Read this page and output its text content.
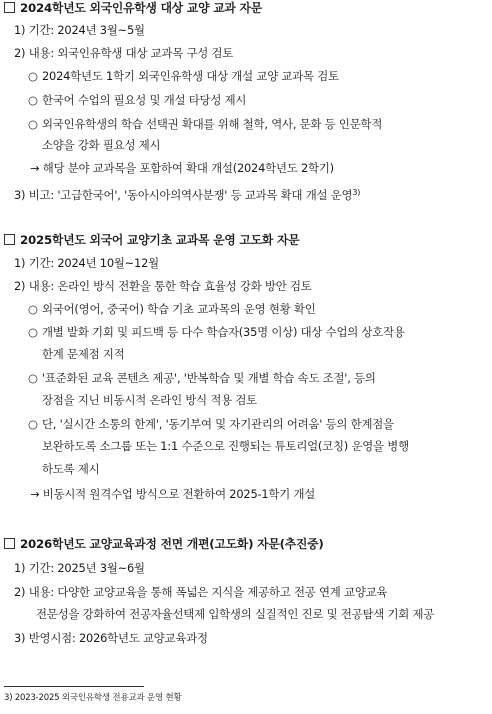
2024학년도 외국인유학생 대상 교양 교과 자문
1) 기간: 2024년 3월~5월
2) 내용: 외국인유학생 대상 교과목 구성 검토
○ 2024학년도 1학기 외국인유학생 대상 개설 교양 교과목 검토
○ 한국어 수업의 필요성 및 개설 타당성 제시
○ 외국인유학생의 학습 선택권 확대를 위해 철학, 역사, 문화 등 인문학적
소양을 강화 필요성 제시
→ 해당 분야 교과목을 포함하여 확대 개설(2024학년도 2학기)
3) 비고: '고급한국어', '동아시아의역사분쟁' 등 교과목 확대 개설 운영$^{3)}$
2025학년도 외국어 교양기초 교과목 운영 고도화 자문
1) 기간: 2024년 10월~12월
2) 내용: 온라인 방식 전환을 통한 학습 효율성 강화 방안 검토
○ 외국어(영어, 중국어) 학습 기초 교과목의 운영 현황 확인
○ 개별 발화 기회 및 피드백 등 다수 학습자(35명 이상) 대상 수업의 상호작용
한계 문제점 지적
○ '표준화된 교육 콘텐츠 제공', '반복학습 및 개별 학습 속도 조절', 등의
장점을 지닌 비동시적 온라인 방식 적용 검토
○ 단, '실시간 소통의 한계', '동기부여 및 자기관리의 어려움' 등의 한계점을
보완하도록 소그룹 또는 1:1 수준으로 진행되는 튜토리얼(코칭) 운영을 병행
하도록 제시
→ 비동시적 원격수업 방식으로 전환하여 2025-1학기 개설
2026학년도 교양교육과정 전면 개편(고도화) 자문(추진중)
1) 기간: 2025년 3월~6월
2) 내용: 다양한 교양교육을 통해 폭넓은 지식을 제공하고 전공 연계 교양교육
전문성을 강화하여 전공자율선택제 입학생의 실질적인 진로 및 전공탐색 기회 제공
3) 반영시점: 2026학년도 교양교육과정
3) 2023-2025 외국인유학생 전용교과 운영 현황
